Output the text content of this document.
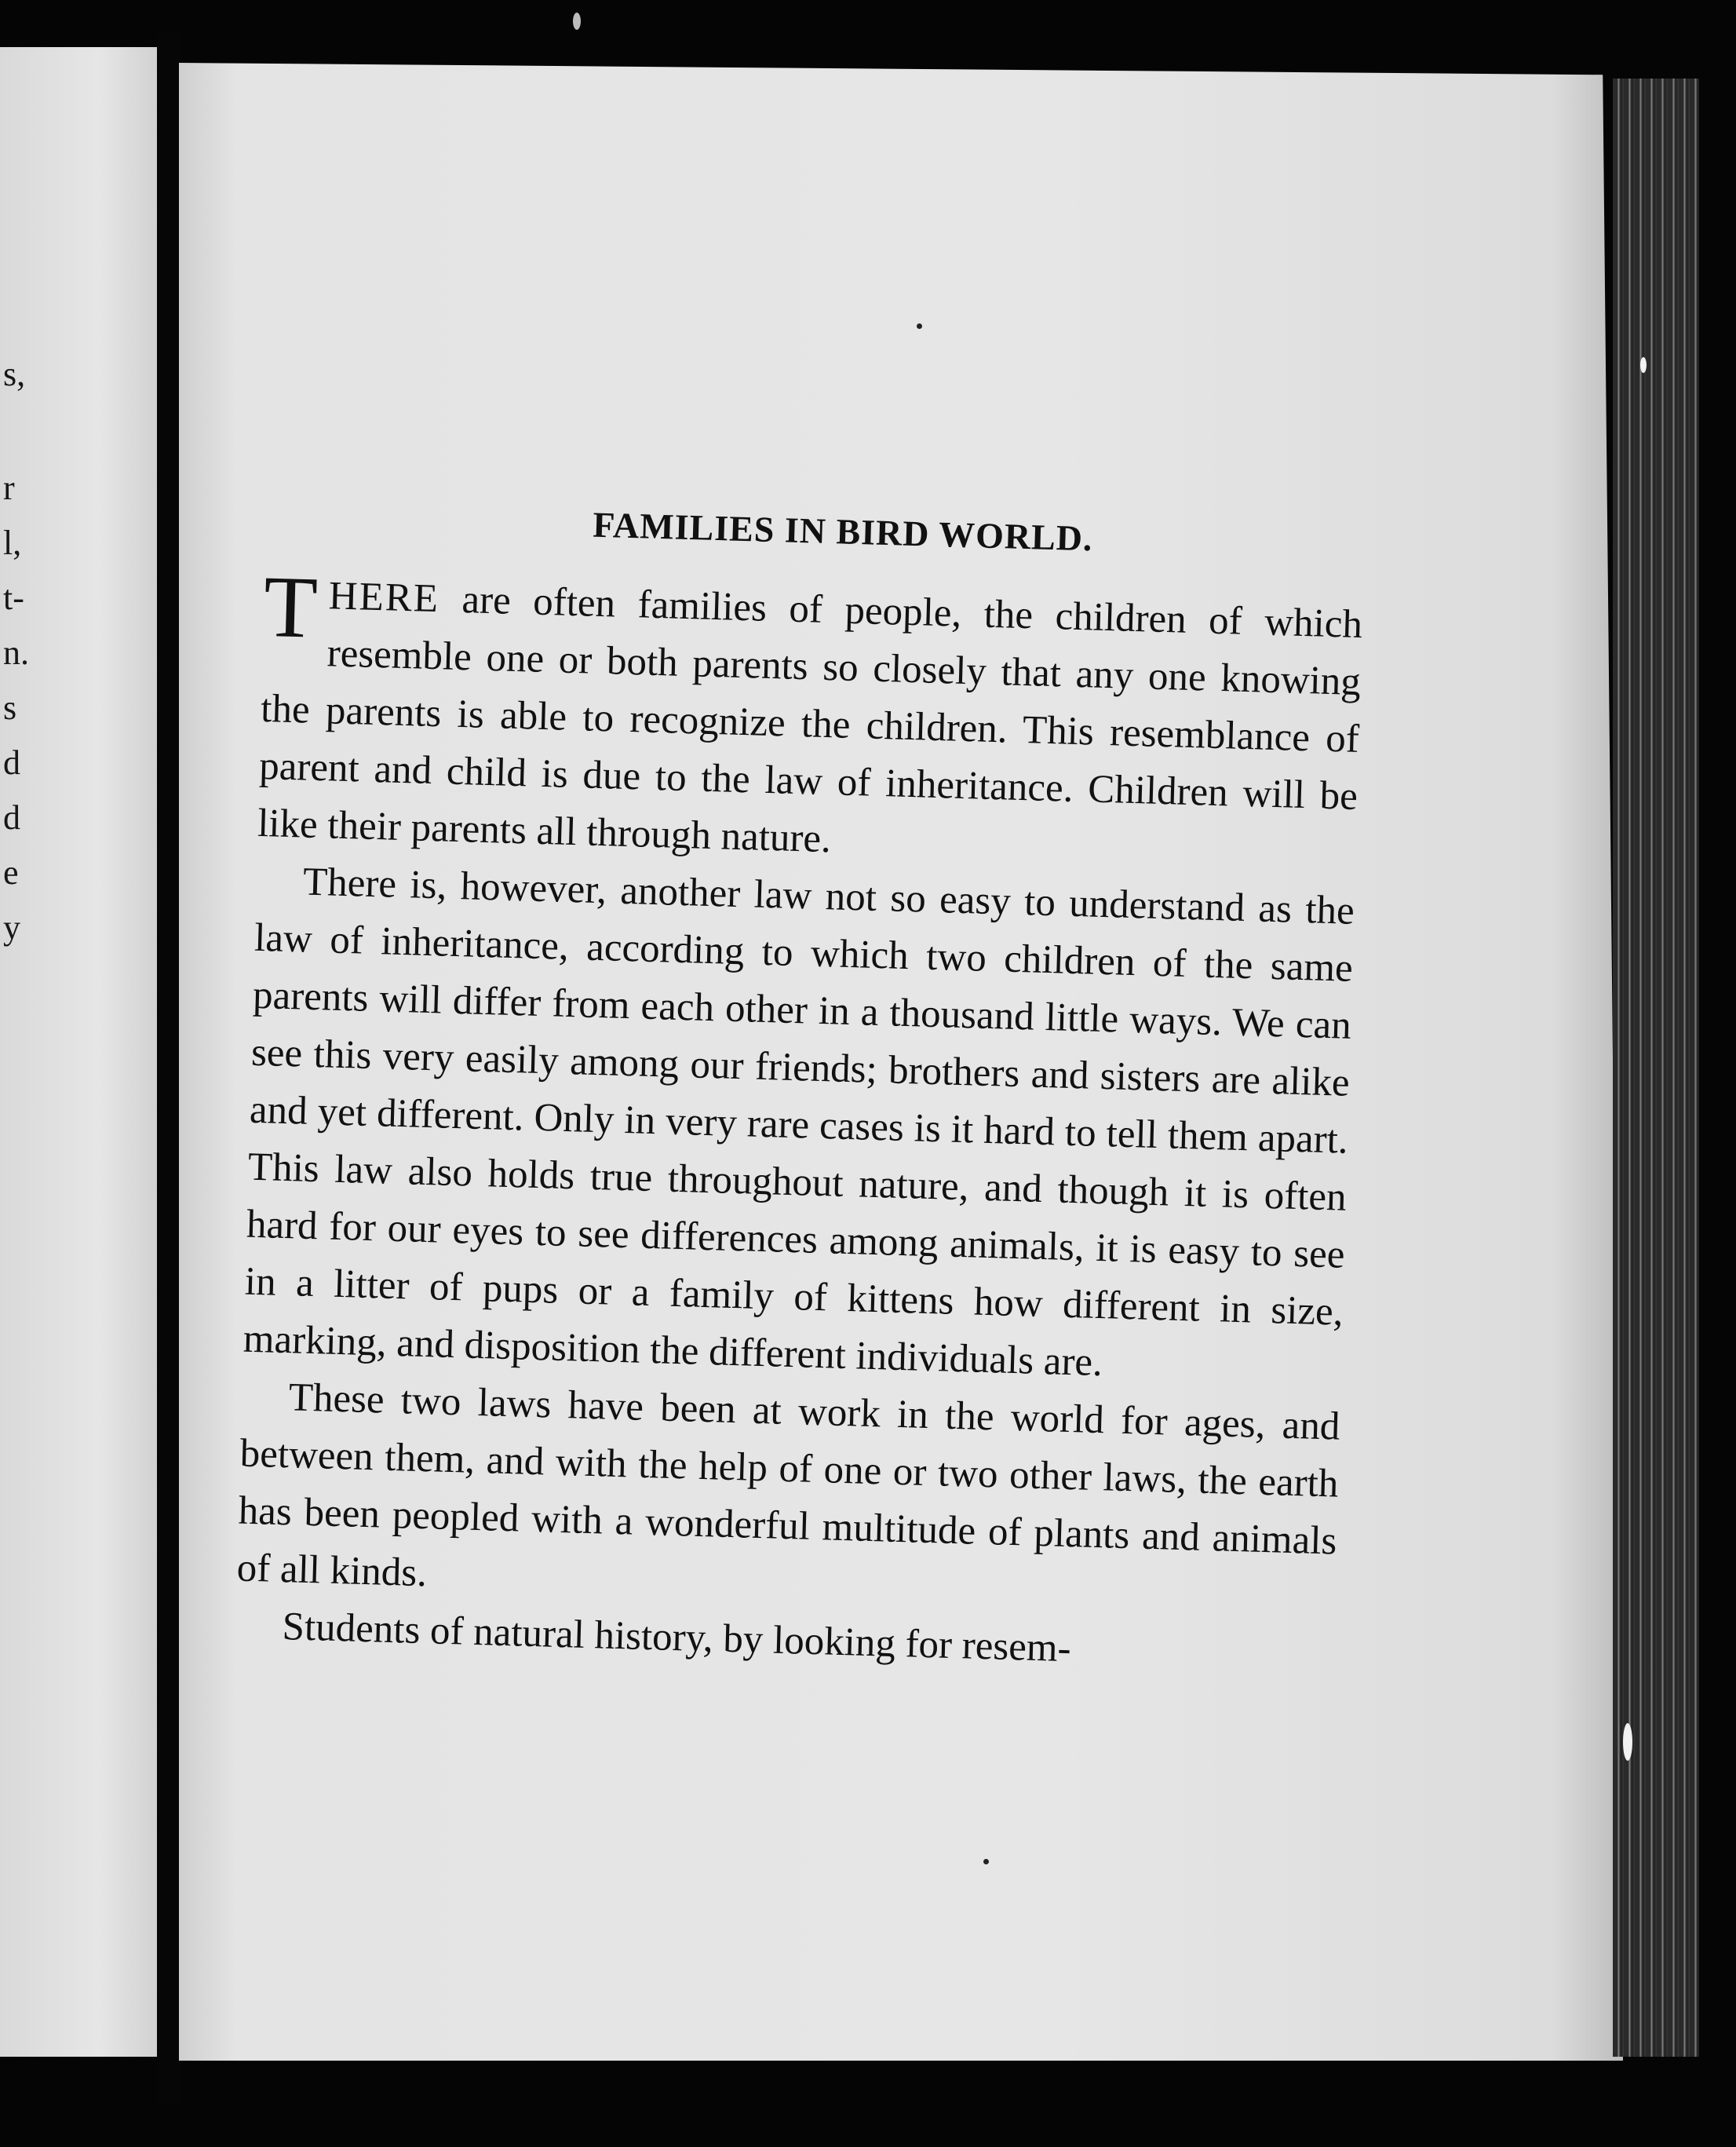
s,
r
l,
t-
n.
s
d
d
e
y
FAMILIES IN BIRD WORLD.

THERE are often families of people, the children of which resemble one or both parents so closely that any one knowing the parents is able to recognize the children. This resemblance of parent and child is due to the law of inheritance. Children will be like their parents all through nature.

There is, however, another law not so easy to understand as the law of inheritance, according to which two children of the same parents will differ from each other in a thousand little ways. We can see this very easily among our friends; brothers and sisters are alike and yet different. Only in very rare cases is it hard to tell them apart. This law also holds true throughout nature, and though it is often hard for our eyes to see differences among animals, it is easy to see in a litter of pups or a family of kittens how different in size, marking, and disposition the different individuals are.

These two laws have been at work in the world for ages, and between them, and with the help of one or two other laws, the earth has been peopled with a wonderful multitude of plants and animals of all kinds.

Students of natural history, by looking for resem-
